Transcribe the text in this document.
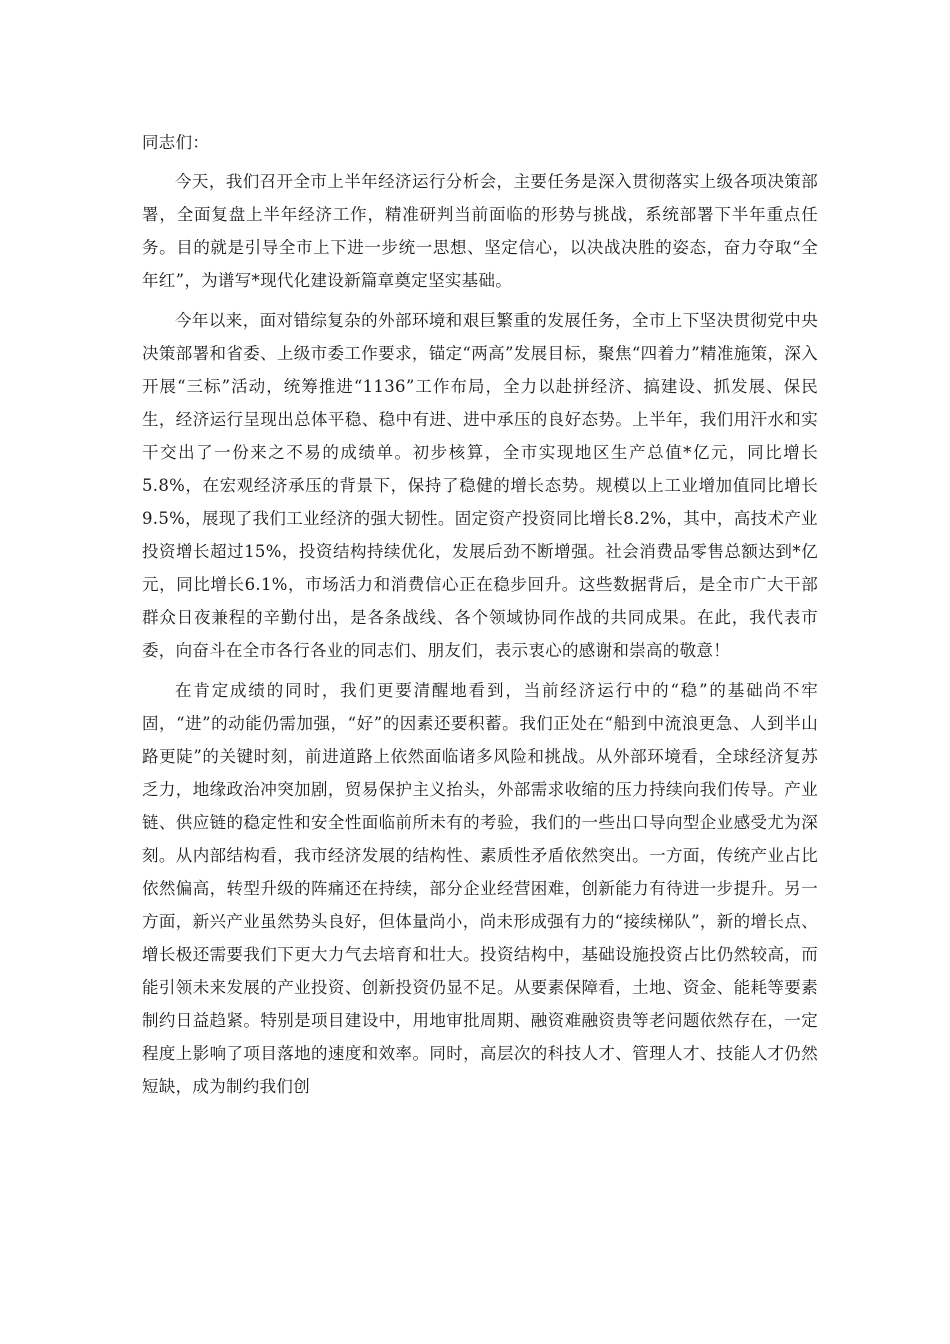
同志们：

今天，我们召开全市上半年经济运行分析会，主要任务是深入贯彻落实上级各项决策部署，全面复盘上半年经济工作，精准研判当前面临的形势与挑战，系统部署下半年重点任务。目的就是引导全市上下进一步统一思想、坚定信心，以决战决胜的姿态，奋力夺取“全年红”，为谱写*现代化建设新篇章奠定坚实基础。

今年以来，面对错综复杂的外部环境和艰巨繁重的发展任务，全市上下坚决贯彻党中央决策部署和省委、上级市委工作要求，锚定“两高”发展目标，聚焦“四着力”精准施策，深入开展“三标”活动，统筹推进“1136”工作布局，全力以赴拼经济、搞建设、抓发展、保民生，经济运行呈现出总体平稳、稳中有进、进中承压的良好态势。上半年，我们用汗水和实干交出了一份来之不易的成绩单。初步核算，全市实现地区生产总值*亿元，同比增长5.8%，在宏观经济承压的背景下，保持了稳健的增长态势。规模以上工业增加值同比增长9.5%，展现了我们工业经济的强大韧性。固定资产投资同比增长8.2%，其中，高技术产业投资增长超过15%，投资结构持续优化，发展后劲不断增强。社会消费品零售总额达到*亿元，同比增长6.1%，市场活力和消费信心正在稳步回升。这些数据背后，是全市广大干部群众日夜兼程的辛勤付出，是各条战线、各个领域协同作战的共同成果。在此，我代表市委，向奋斗在全市各行各业的同志们、朋友们，表示衷心的感谢和崇高的敬意！

在肯定成绩的同时，我们更要清醒地看到，当前经济运行中的“稳”的基础尚不牢固，“进”的动能仍需加强，“好”的因素还要积蓄。我们正处在“船到中流浪更急、人到半山路更陡”的关键时刻，前进道路上依然面临诸多风险和挑战。从外部环境看，全球经济复苏乏力，地缘政治冲突加剧，贸易保护主义抬头，外部需求收缩的压力持续向我们传导。产业链、供应链的稳定性和安全性面临前所未有的考验，我们的一些出口导向型企业感受尤为深刻。从内部结构看，我市经济发展的结构性、素质性矛盾依然突出。一方面，传统产业占比依然偏高，转型升级的阵痛还在持续，部分企业经营困难，创新能力有待进一步提升。另一方面，新兴产业虽然势头良好，但体量尚小，尚未形成强有力的“接续梯队”，新的增长点、增长极还需要我们下更大力气去培育和壮大。投资结构中，基础设施投资占比仍然较高，而能引领未来发展的产业投资、创新投资仍显不足。从要素保障看，土地、资金、能耗等要素制约日益趋紧。特别是项目建设中，用地审批周期、融资难融资贵等老问题依然存在，一定程度上影响了项目落地的速度和效率。同时，高层次的科技人才、管理人才、技能人才仍然短缺，成为制约我们创
